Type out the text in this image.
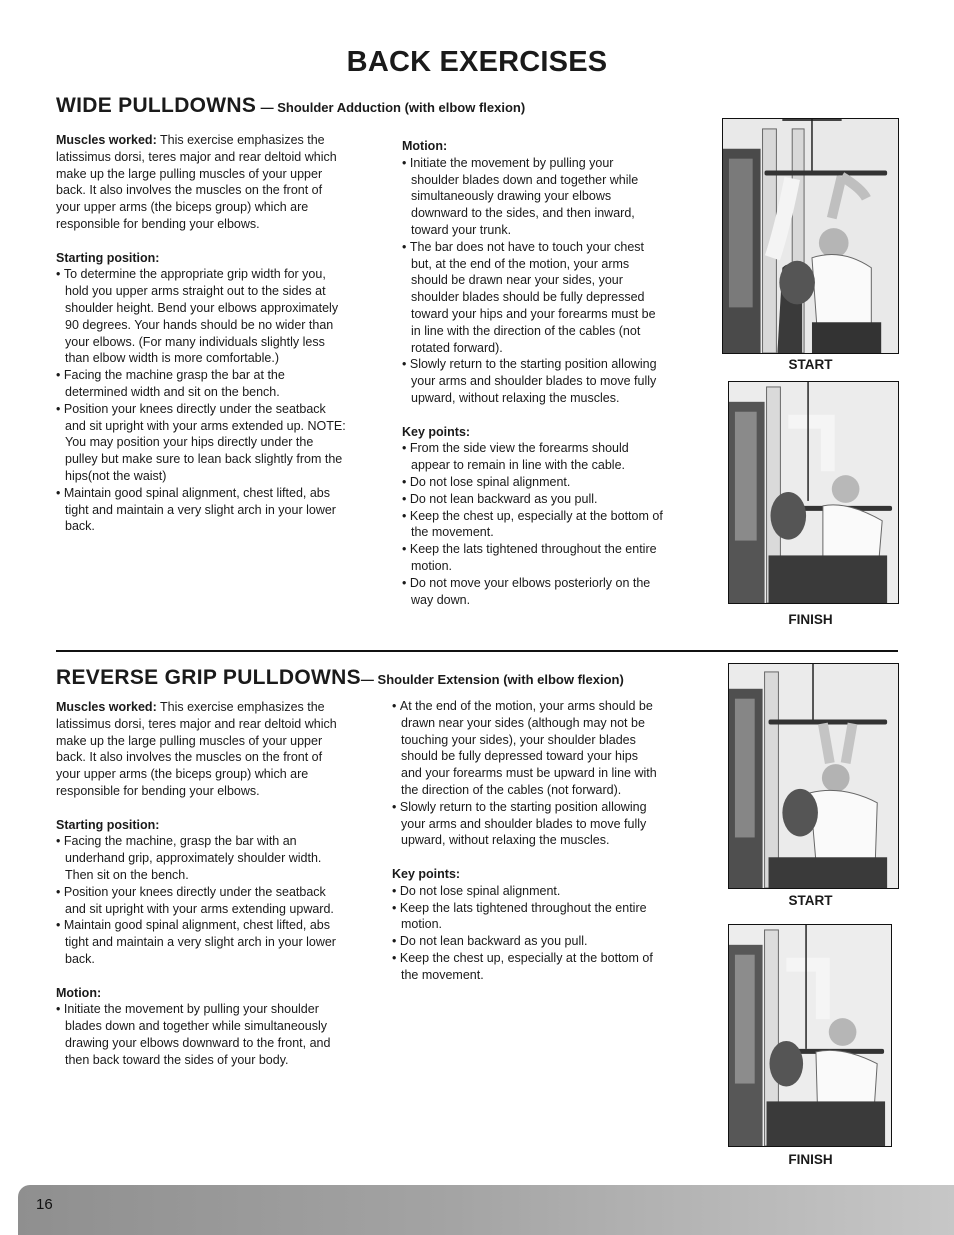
BACK EXERCISES
WIDE PULLDOWNS — Shoulder Adduction (with elbow flexion)

Muscles worked: This exercise emphasizes the latissimus dorsi, teres major and rear deltoid which make up the large pulling muscles of your upper back. It also involves the muscles on the front of your upper arms (the biceps group) which are responsible for bending your elbows.

Starting position:

• To determine the appropriate grip width for you, hold you upper arms straight out to the sides at shoulder height. Bend your elbows approximately 90 degrees. Your hands should be no wider than your elbows. (For many individuals slightly less than elbow width is more comfortable.)
• Facing the machine grasp the bar at the determined width and sit on the bench.
• Position your knees directly under the seatback and sit upright with your arms extended up. NOTE: You may position your hips directly under the pulley but make sure to lean back slightly from the hips(not the waist)
• Maintain good spinal alignment, chest lifted, abs tight and maintain a very slight arch in your lower back.

Motion:

• Initiate the movement by pulling your shoulder blades down and together while simultaneously drawing your elbows downward to the sides, and then inward, toward your trunk.
• The bar does not have to touch your chest but, at the end of the motion, your arms should be drawn near your sides, your shoulder blades should be fully depressed toward your hips and your forearms must be in line with the direction of the cables (not rotated forward).
• Slowly return to the starting position allowing your arms and shoulder blades to move fully upward, without relaxing the muscles.

Key points:

• From the side view the forearms should appear to remain in line with the cable.
• Do not lose spinal alignment.
• Do not lean backward as you pull.
• Keep the chest up, especially at the bottom of the movement.
• Keep the lats tightened throughout the entire motion.
• Do not move your elbows posteriorly on the way down.
START
FINISH
REVERSE GRIP PULLDOWNS— Shoulder Extension (with elbow flexion)

Muscles worked: This exercise emphasizes the latissimus dorsi, teres major and rear deltoid which make up the large pulling muscles of your upper back. It also involves the muscles on the front of your upper arms (the biceps group) which are responsible for bending your elbows.

Starting position:

• Facing the machine, grasp the bar with an underhand grip, approximately shoulder width. Then sit on the bench.
• Position your knees directly under the seatback and sit upright with your arms extending upward.
• Maintain good spinal alignment, chest lifted, abs tight and maintain a very slight arch in your lower back.

Motion:

• Initiate the movement by pulling your shoulder blades down and together while simultaneously drawing your elbows downward to the front, and then back toward the sides of your body.
• At the end of the motion, your arms should be drawn near your sides (although may not be touching your sides), your shoulder blades should be fully depressed toward your hips and your forearms must be upward in line with the direction of the cables (not forward).
• Slowly return to the starting position allowing your arms and shoulder blades to move fully upward, without relaxing the muscles.

Key points:

• Do not lose spinal alignment.
• Keep the lats tightened throughout the entire motion.
• Do not lean backward as you pull.
• Keep the chest up, especially at the bottom of the movement.
START
FINISH
16
